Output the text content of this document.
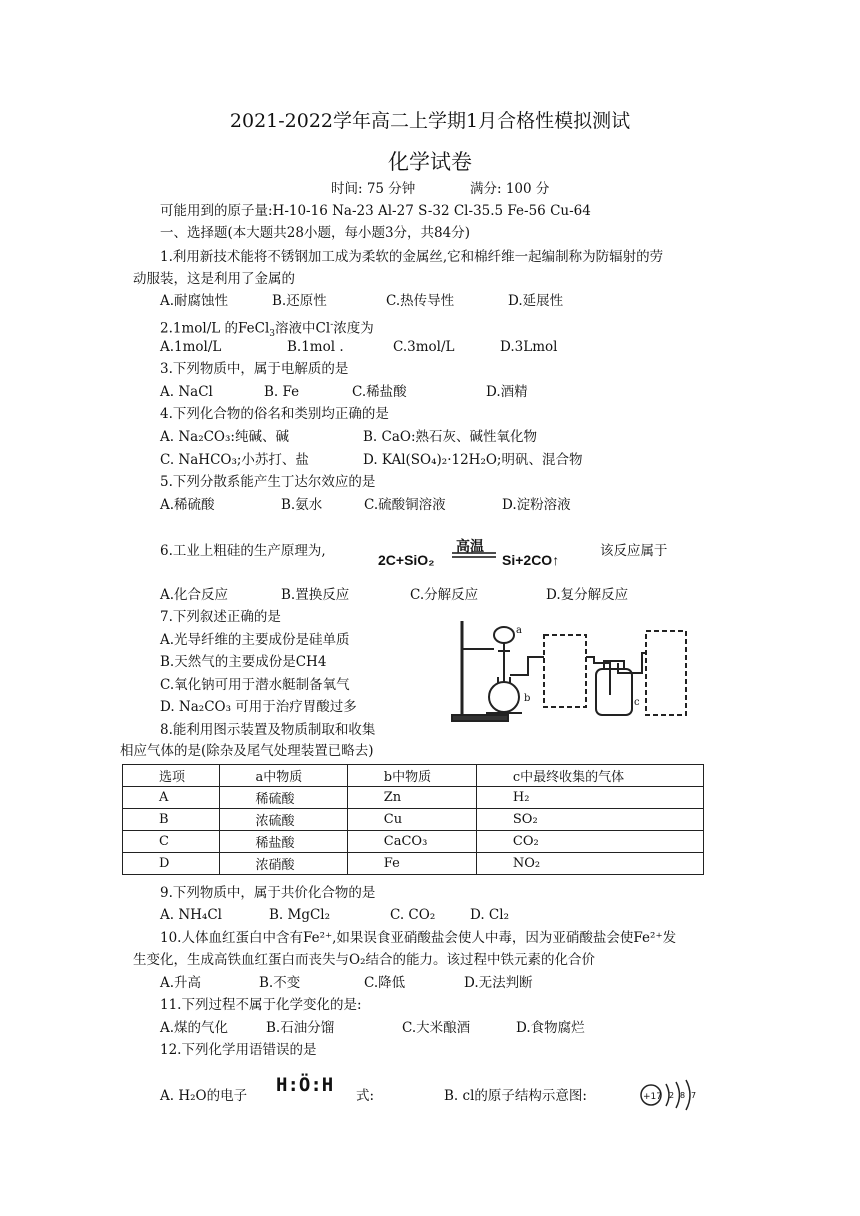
2021-2022学年高二上学期1月合格性模拟测试
化学试卷
时间: 75 分钟	满分: 100 分
可能用到的原子量:H-10-16 Na-23 Al-27 S-32 Cl-35.5 Fe-56 Cu-64
一、选择题(本大题共28小题，每小题3分，共84分)
1.利用新技术能将不锈钢加工成为柔软的金属丝,它和棉纤维一起编制称为防辐射的劳
动服装，这是利用了金属的
A.耐腐蚀性	B.还原性	C.热传导性	D.延展性
2.1mol/L 的FeCl$_3$溶液中Cl-浓度为
A.1mol/L	B.1mol .	C.3mol/L	D.3Lmol
3.下列物质中，属于电解质的是
A. NaCl	B. Fe	C.稀盐酸	D.酒精
4.下列化合物的俗名和类别均正确的是
A. Na₂CO₃:纯碱、碱	B. CaO:熟石灰、碱性氧化物
C. NaHCO₃;小苏打、盐	D. KAl(SO₄)₂·12H₂O;明矾、混合物
5.下列分散系能产生丁达尔效应的是
A.稀硫酸	B.氨水	C.硫酸铜溶液	D.淀粉溶液
6.工业上粗硅的生产原理为,
2C+SiO₂
高温
Si+2CO↑
该反应属于
A.化合反应	B.置换反应	C.分解反应	D.复分解反应
7.下列叙述正确的是
A.光导纤维的主要成份是硅单质
B.天然气的主要成份是CH4
C.氧化钠可用于潜水艇制备氧气
D. Na₂CO₃ 可用于治疗胃酸过多
a
b	c
8.能利用图示装置及物质制取和收集
相应气体的是(除杂及尾气处理装置已略去)
选项	a中物质	b中物质	c中最终收集的气体
A	稀硫酸	Zn	H₂
B	浓硫酸	Cu	SO₂
C	稀盐酸	CaCO₃	CO₂
D	浓硝酸	Fe	NO₂
9.下列物质中，属于共价化合物的是
A. NH₄Cl	B. MgCl₂	C. CO₂	D. Cl₂
10.人体血红蛋白中含有Fe²⁺,如果误食亚硝酸盐会使人中毒，因为亚硝酸盐会使Fe²⁺发
生变化，生成高铁血红蛋白而丧失与O₂结合的能力。该过程中铁元素的化合价
A.升高	B.不变	C.降低	D.无法判断
11.下列过程不属于化学变化的是:
A.煤的气化	B.石油分馏	C.大米酿酒	D.食物腐烂
12.下列化学用语错误的是
A. H₂O的电子 H:Ö:H 式:	B. cl的原子结构示意图:	+17 2 8 7
